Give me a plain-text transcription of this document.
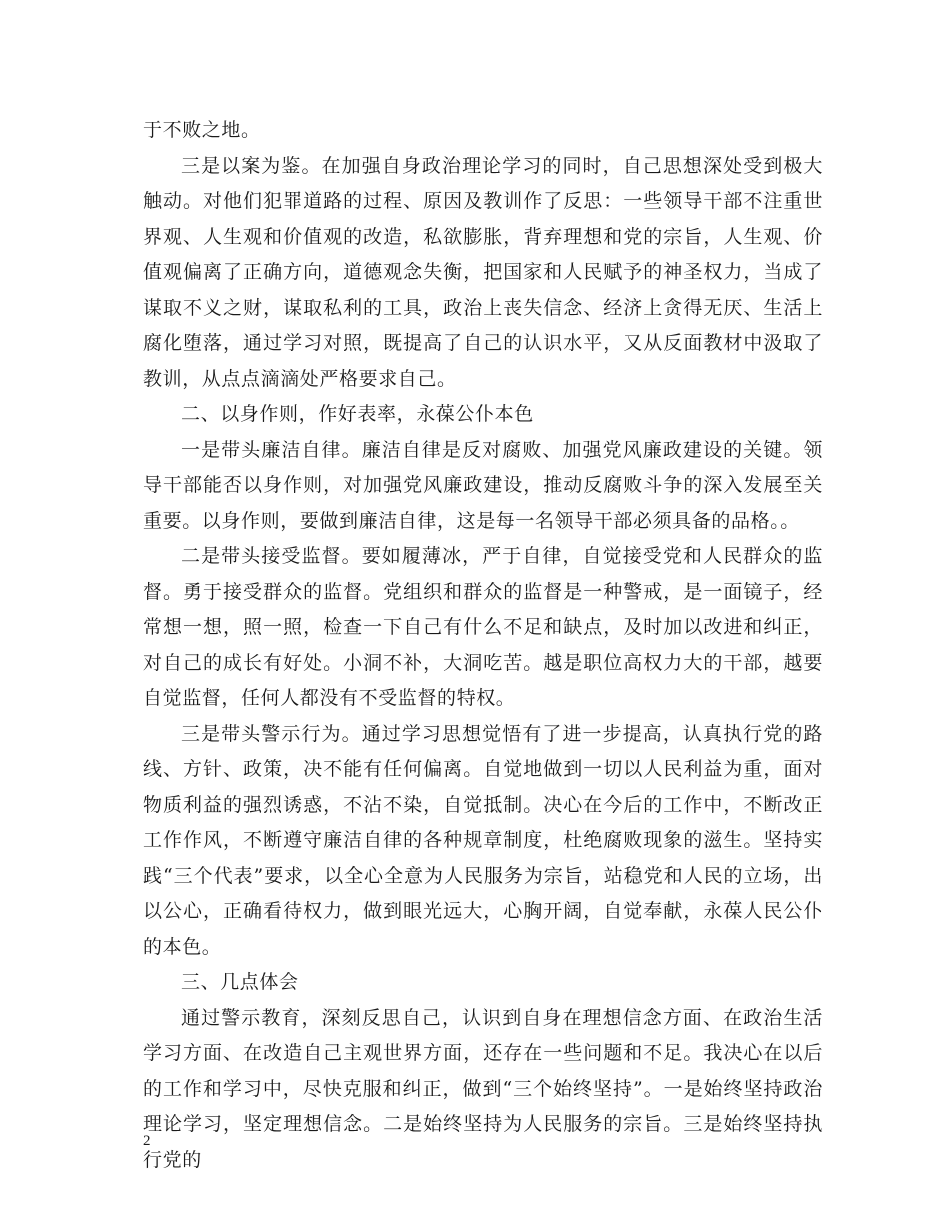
于不败之地。

三是以案为鉴。在加强自身政治理论学习的同时，自己思想深处受到极大触动。对他们犯罪道路的过程、原因及教训作了反思：一些领导干部不注重世界观、人生观和价值观的改造，私欲膨胀，背弃理想和党的宗旨，人生观、价值观偏离了正确方向，道德观念失衡，把国家和人民赋予的神圣权力，当成了谋取不义之财，谋取私利的工具，政治上丧失信念、经济上贪得无厌、生活上腐化堕落，通过学习对照，既提高了自己的认识水平，又从反面教材中汲取了教训，从点点滴滴处严格要求自己。

二、以身作则，作好表率，永葆公仆本色

一是带头廉洁自律。廉洁自律是反对腐败、加强党风廉政建设的关键。领导干部能否以身作则，对加强党风廉政建设，推动反腐败斗争的深入发展至关重要。以身作则，要做到廉洁自律，这是每一名领导干部必须具备的品格。。

二是带头接受监督。要如履薄冰，严于自律，自觉接受党和人民群众的监督。勇于接受群众的监督。党组织和群众的监督是一种警戒，是一面镜子，经常想一想，照一照，检查一下自己有什么不足和缺点，及时加以改进和纠正，对自己的成长有好处。小洞不补，大洞吃苦。越是职位高权力大的干部，越要自觉监督，任何人都没有不受监督的特权。

三是带头警示行为。通过学习思想觉悟有了进一步提高，认真执行党的路线、方针、政策，决不能有任何偏离。自觉地做到一切以人民利益为重，面对物质利益的强烈诱惑，不沾不染，自觉抵制。决心在今后的工作中，不断改正工作作风，不断遵守廉洁自律的各种规章制度，杜绝腐败现象的滋生。坚持实践“三个代表”要求，以全心全意为人民服务为宗旨，站稳党和人民的立场，出以公心，正确看待权力，做到眼光远大，心胸开阔，自觉奉献，永葆人民公仆的本色。

三、几点体会

通过警示教育，深刻反思自己，认识到自身在理想信念方面、在政治生活学习方面、在改造自己主观世界方面，还存在一些问题和不足。我决心在以后的工作和学习中，尽快克服和纠正，做到“三个始终坚持”。一是始终坚持政治理论学习，坚定理想信念。二是始终坚持为人民服务的宗旨。三是始终坚持执行党的

2
